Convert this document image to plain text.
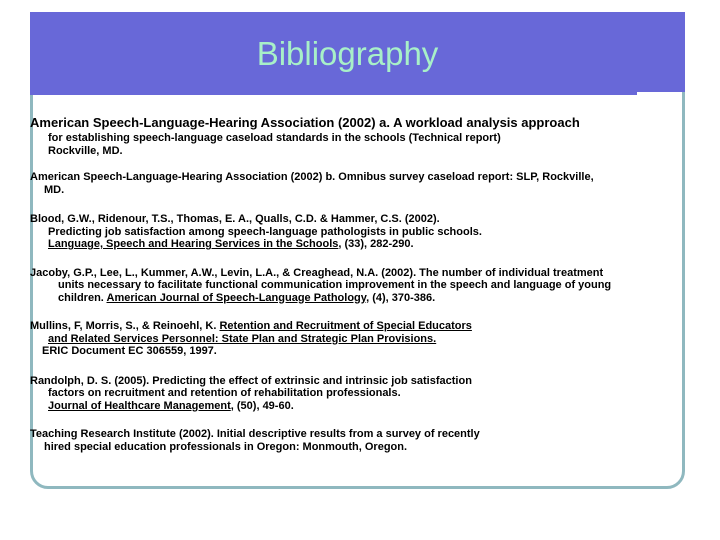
Bibliography
American Speech-Language-Hearing Association (2002) a. A workload analysis approach
for establishing speech-language caseload standards in the schools (Technical report)
Rockville, MD.
American Speech-Language-Hearing Association (2002) b. Omnibus survey caseload report: SLP, Rockville,
MD.
Blood, G.W., Ridenour, T.S., Thomas, E. A., Qualls, C.D. & Hammer, C.S. (2002).
Predicting job satisfaction among speech-language pathologists in public schools.
Language, Speech and Hearing Services in the Schools, (33), 282-290.
Jacoby, G.P., Lee, L., Kummer, A.W., Levin, L.A., & Creaghead, N.A. (2002). The number of individual treatment
units necessary to facilitate functional communication improvement in the speech and language of young
children. American Journal of Speech-Language Pathology, (4), 370-386.
Mullins, F, Morris, S., & Reinoehl, K. Retention and Recruitment of Special Educators
and Related Services Personnel: State Plan and Strategic Plan Provisions.
ERIC Document EC 306559, 1997.
Randolph, D. S. (2005). Predicting the effect of extrinsic and intrinsic job satisfaction
factors on recruitment and retention of rehabilitation professionals.
Journal of Healthcare Management, (50), 49-60.
Teaching Research Institute (2002). Initial descriptive results from a survey of recently
hired special education professionals in Oregon: Monmouth, Oregon.
